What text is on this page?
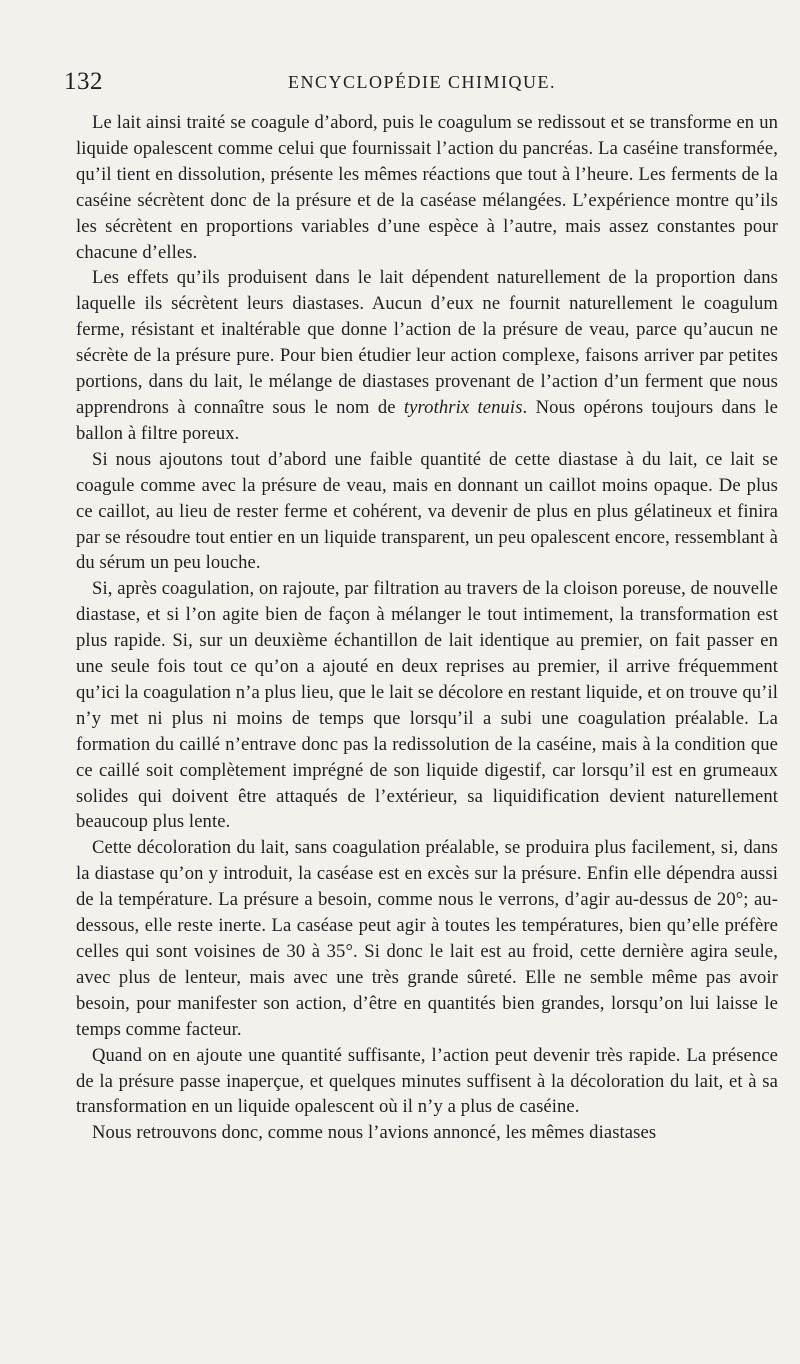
132	ENCYCLOPÉDIE CHIMIQUE.

Le lait ainsi traité se coagule d’abord, puis le coagulum se redissout et se transforme en un liquide opalescent comme celui que fournissait l’action du pancréas. La caséine transformée, qu’il tient en dissolution, présente les mêmes réactions que tout à l’heure. Les ferments de la caséine sécrètent donc de la présure et de la caséase mélangées. L’expérience montre qu’ils les sécrètent en proportions variables d’une espèce à l’autre, mais assez constantes pour chacune d’elles.

Les effets qu’ils produisent dans le lait dépendent naturellement de la proportion dans laquelle ils sécrètent leurs diastases. Aucun d’eux ne fournit naturellement le coagulum ferme, résistant et inaltérable que donne l’action de la présure de veau, parce qu’aucun ne sécrète de la présure pure. Pour bien étudier leur action complexe, faisons arriver par petites portions, dans du lait, le mélange de diastases provenant de l’action d’un ferment que nous apprendrons à connaître sous le nom de tyrothrix tenuis. Nous opérons toujours dans le ballon à filtre poreux.

Si nous ajoutons tout d’abord une faible quantité de cette diastase à du lait, ce lait se coagule comme avec la présure de veau, mais en donnant un caillot moins opaque. De plus ce caillot, au lieu de rester ferme et cohérent, va devenir de plus en plus gélatineux et finira par se résoudre tout entier en un liquide transparent, un peu opalescent encore, ressemblant à du sérum un peu louche.

Si, après coagulation, on rajoute, par filtration au travers de la cloison poreuse, de nouvelle diastase, et si l’on agite bien de façon à mélanger le tout intimement, la transformation est plus rapide. Si, sur un deuxième échantillon de lait identique au premier, on fait passer en une seule fois tout ce qu’on a ajouté en deux reprises au premier, il arrive fréquemment qu’ici la coagulation n’a plus lieu, que le lait se décolore en restant liquide, et on trouve qu’il n’y met ni plus ni moins de temps que lorsqu’il a subi une coagulation préalable. La formation du caillé n’entrave donc pas la redissolution de la caséine, mais à la condition que ce caillé soit complètement imprégné de son liquide digestif, car lorsqu’il est en grumeaux solides qui doivent être attaqués de l’extérieur, sa liquidification devient naturellement beaucoup plus lente.

Cette décoloration du lait, sans coagulation préalable, se produira plus facilement, si, dans la diastase qu’on y introduit, la caséase est en excès sur la présure. Enfin elle dépendra aussi de la température. La présure a besoin, comme nous le verrons, d’agir au-dessus de 20°; au-dessous, elle reste inerte. La caséase peut agir à toutes les températures, bien qu’elle préfère celles qui sont voisines de 30 à 35°. Si donc le lait est au froid, cette dernière agira seule, avec plus de lenteur, mais avec une très grande sûreté. Elle ne semble même pas avoir besoin, pour manifester son action, d’être en quantités bien grandes, lorsqu’on lui laisse le temps comme facteur.

Quand on en ajoute une quantité suffisante, l’action peut devenir très rapide. La présence de la présure passe inaperçue, et quelques minutes suffisent à la décoloration du lait, et à sa transformation en un liquide opalescent où il n’y a plus de caséine.

Nous retrouvons donc, comme nous l’avions annoncé, les mêmes diastases
